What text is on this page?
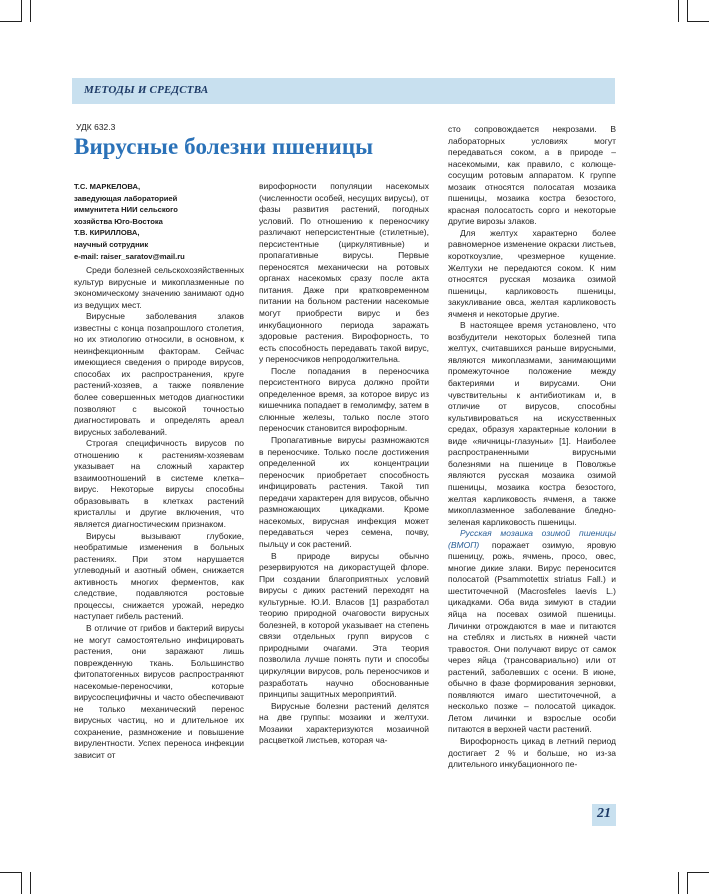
МЕТОДЫ И СРЕДСТВА
УДК 632.3
Вирусные болезни пшеницы
Т.С. МАРКЕЛОВА,
заведующая лабораторией
иммунитета НИИ сельского
хозяйства Юго-Востока
Т.В. КИРИЛЛОВА,
научный сотрудник
e-mail: raiser_saratov@mail.ru

Среди болезней сельскохозяйственных культур вирусные и микоплазменные по экономическому значению занимают одно из ведущих мест.

Вирусные заболевания злаков известны с конца позапрошлого столетия, но их этиологию относили, в основном, к неинфекционным факторам. Сейчас имеющиеся сведения о природе вирусов, способах их распространения, круге растений-хозяев, а также появление более совершенных методов диагностики позволяют с высокой точностью диагностировать и определять ареал вирусных заболеваний.

Строгая специфичность вирусов по отношению к растениям-хозяевам указывает на сложный характер взаимоотношений в системе клетка–вирус. Некоторые вирусы способны образовывать в клетках растений кристаллы и другие включения, что является диагностическим признаком.

Вирусы вызывают глубокие, необратимые изменения в больных растениях. При этом нарушается углеводный и азотный обмен, снижается активность многих ферментов, как следствие, подавляются ростовые процессы, снижается урожай, нередко наступает гибель растений.

В отличие от грибов и бактерий вирусы не могут самостоятельно инфицировать растения, они заражают лишь поврежденную ткань. Большинство фитопатогенных вирусов распространяют насекомые-переносчики, которые вирусоспецифичны и часто обеспечивают не только механический перенос вирусных частиц, но и длительное их сохранение, размножение и повышение вирулентности. Успех переноса инфекции зависит от

вирофорности популяции насекомых (численности особей, несущих вирусы), от фазы развития растений, погодных условий. По отношению к переносчику различают неперсистентные (стилетные), персистентные (циркулятивные) и пропагативные вирусы. Первые переносятся механически на ротовых органах насекомых сразу после акта питания. Даже при кратковременном питании на больном растении насекомые могут приобрести вирус и без инкубационного периода заражать здоровые растения. Вирофорность, то есть способность передавать такой вирус, у переносчиков непродолжительна.

После попадания в переносчика персистентного вируса должно пройти определенное время, за которое вирус из кишечника попадает в гемолимфу, затем в слюнные железы, только после этого переносчик становится вирофорным.

Пропагативные вирусы размножаются в переносчике. Только после достижения определенной их концентрации переносчик приобретает способность инфицировать растения. Такой тип передачи характерен для вирусов, обычно размножающих цикадками. Кроме насекомых, вирусная инфекция может передаваться через семена, почву, пыльцу и сок растений.

В природе вирусы обычно резервируются на дикорастущей флоре. При создании благоприятных условий вирусы с диких растений переходят на культурные. Ю.И. Власов [1] разработал теорию природной очаговости вирусных болезней, в которой указывает на степень связи отдельных групп вирусов с природными очагами. Эта теория позволила лучше понять пути и способы циркуляции вирусов, роль переносчиков и разработать научно обоснованные принципы защитных мероприятий.

Вирусные болезни растений делятся на две группы: мозаики и желтухи. Мозаики характеризуются мозаичной расцветкой листьев, которая ча-

сто сопровождается некрозами. В лабораторных условиях могут передаваться соком, а в природе – насекомыми, как правило, с колюще-сосущим ротовым аппаратом. К группе мозаик относятся полосатая мозаика пшеницы, мозаика костра безостого, красная полосатость сорго и некоторые другие вирозы злаков.

Для желтух характерно более равномерное изменение окраски листьев, короткоузлие, чрезмерное кущение. Желтухи не передаются соком. К ним относятся русская мозаика озимой пшеницы, карликовость пшеницы, закукливание овса, желтая карликовость ячменя и некоторые другие.

В настоящее время установлено, что возбудители некоторых болезней типа желтух, считавшихся раньше вирусными, являются микоплазмами, занимающими промежуточное положение между бактериями и вирусами. Они чувствительны к антибиотикам и, в отличие от вирусов, способны культивироваться на искусственных средах, образуя характерные колонии в виде «яичницы-глазуньи» [1]. Наиболее распространенными вирусными болезнями на пшенице в Поволжье являются русская мозаика озимой пшеницы, мозаика костра безостого, желтая карликовость ячменя, а также микоплазменное заболевание бледно-зеленая карликовость пшеницы.

Русская мозаика озимой пшеницы (ВМОП) поражает озимую, яровую пшеницу, рожь, ячмень, просо, овес, многие дикие злаки. Вирус переносится полосатой (Psammotettix striatus Fall.) и шеститочечной (Macrosfeles laevis L.) цикадками. Оба вида зимуют в стадии яйца на посевах озимой пшеницы. Личинки отрождаются в мае и питаются на стеблях и листьях в нижней части травостоя. Они получают вирус от самок через яйца (трансовариально) или от растений, заболевших с осени. В июне, обычно в фазе формирования зерновки, появляются имаго шеститочечной, а несколько позже – полосатой цикадок. Летом личинки и взрослые особи питаются в верхней части растений.

Вирофорность цикад в летний период достигает 2 % и больше, но из-за длительного инкубационного пе-

21
